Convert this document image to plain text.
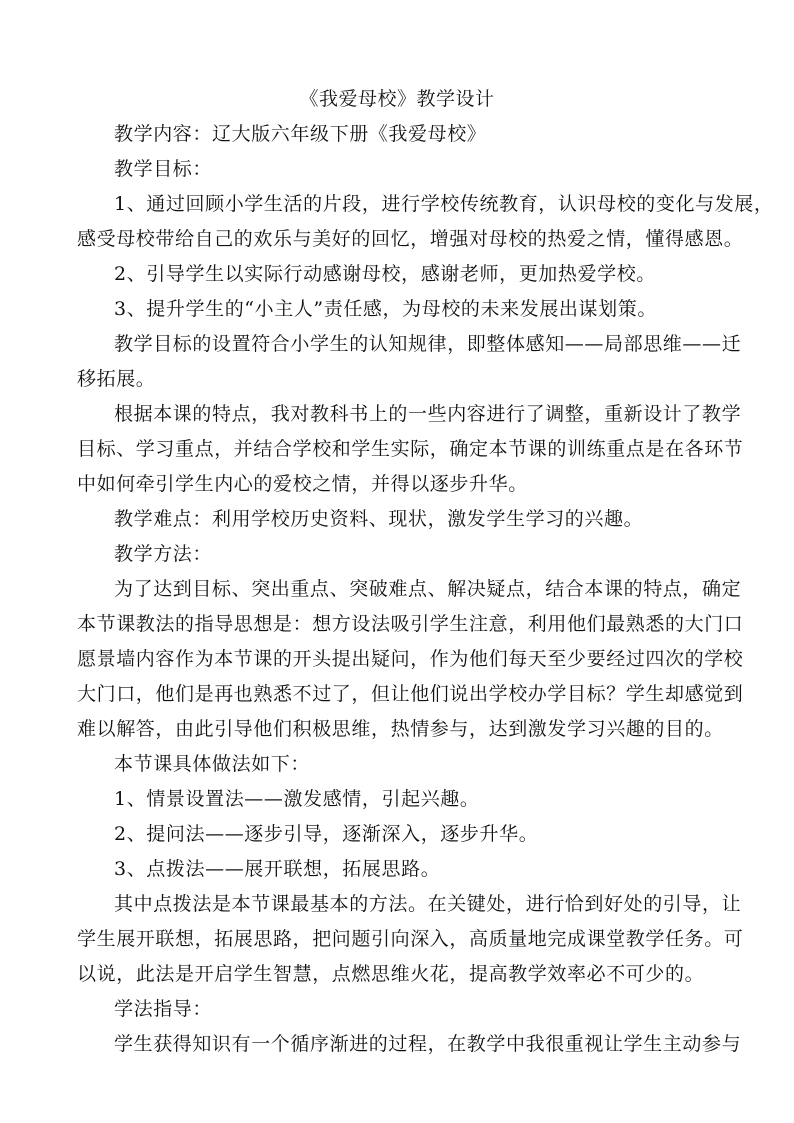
《我爱母校》教学设计
教学内容：辽大版六年级下册《我爱母校》
教学目标：
1、通过回顾小学生活的片段，进行学校传统教育，认识母校的变化与发展，
感受母校带给自己的欢乐与美好的回忆，增强对母校的热爱之情，懂得感恩。
2、引导学生以实际行动感谢母校，感谢老师，更加热爱学校。
3、提升学生的“小主人”责任感，为母校的未来发展出谋划策。
教学目标的设置符合小学生的认知规律，即整体感知——局部思维——迁
移拓展。
根据本课的特点，我对教科书上的一些内容进行了调整，重新设计了教学
目标、学习重点，并结合学校和学生实际，确定本节课的训练重点是在各环节
中如何牵引学生内心的爱校之情，并得以逐步升华。
教学难点：利用学校历史资料、现状，激发学生学习的兴趣。
教学方法：
为了达到目标、突出重点、突破难点、解决疑点，结合本课的特点，确定
本节课教法的指导思想是：想方设法吸引学生注意，利用他们最熟悉的大门口
愿景墙内容作为本节课的开头提出疑问，作为他们每天至少要经过四次的学校
大门口，他们是再也熟悉不过了，但让他们说出学校办学目标？学生却感觉到
难以解答，由此引导他们积极思维，热情参与，达到激发学习兴趣的目的。
本节课具体做法如下：
1、情景设置法——激发感情，引起兴趣。
2、提问法——逐步引导，逐渐深入，逐步升华。
3、点拨法——展开联想，拓展思路。
其中点拨法是本节课最基本的方法。在关键处，进行恰到好处的引导，让
学生展开联想，拓展思路，把问题引向深入，高质量地完成课堂教学任务。可
以说，此法是开启学生智慧，点燃思维火花，提高教学效率必不可少的。
学法指导：
学生获得知识有一个循序渐进的过程，在教学中我很重视让学生主动参与
